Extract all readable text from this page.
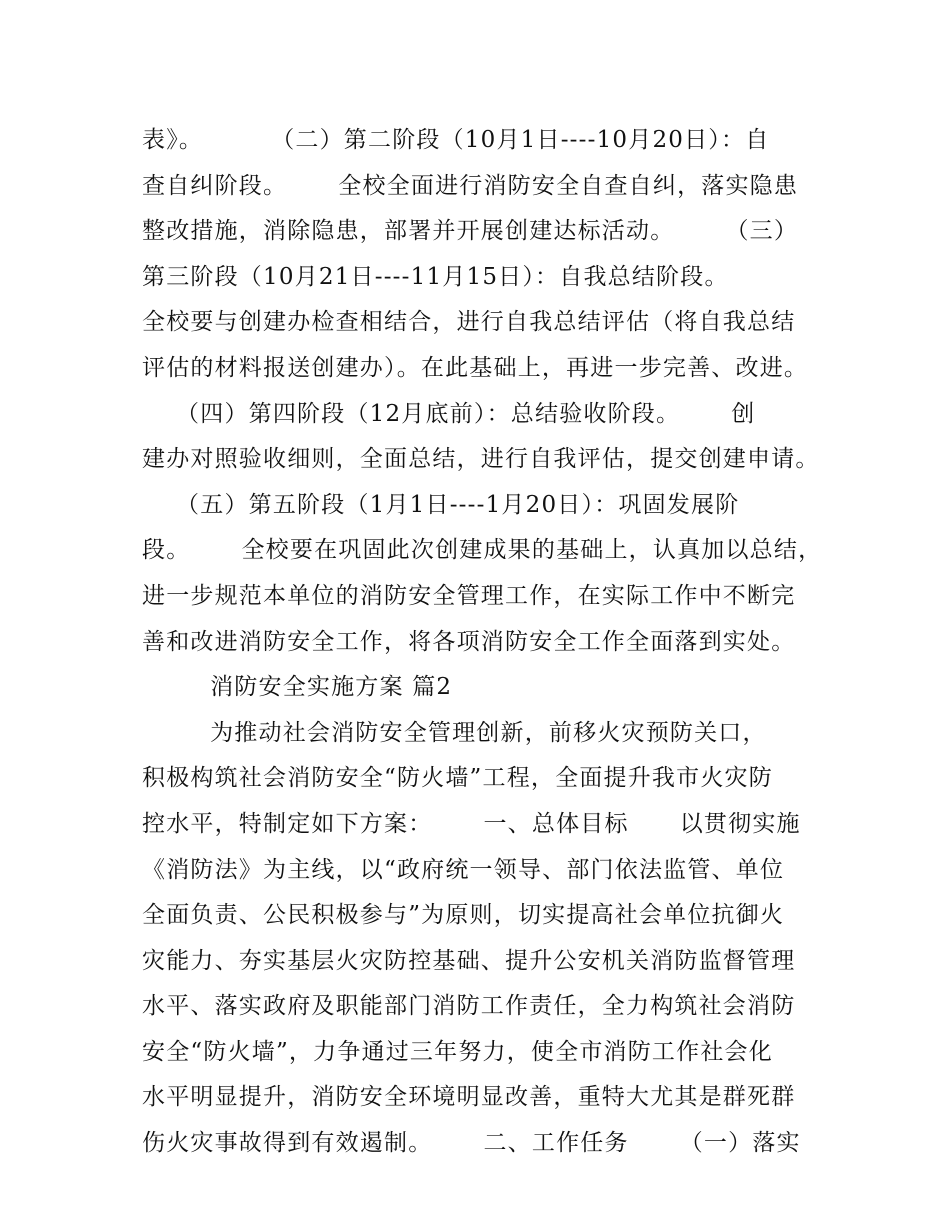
表》。        （二）第二阶段（10月1日----10月20日）：自
查自纠阶段。      全校全面进行消防安全自查自纠，落实隐患
整改措施，消除隐患，部署并开展创建达标活动。      （三）
第三阶段（10月21日----11月15日）：自我总结阶段。
全校要与创建办检查相结合，进行自我总结评估（将自我总结
评估的材料报送创建办）。在此基础上，再进一步完善、改进。
（四）第四阶段（12月底前）：总结验收阶段。      创
建办对照验收细则，全面总结，进行自我评估，提交创建申请。
（五）第五阶段（1月1日----1月20日）：巩固发展阶
段。      全校要在巩固此次创建成果的基础上，认真加以总结，
进一步规范本单位的消防安全管理工作，在实际工作中不断完
善和改进消防安全工作，将各项消防安全工作全面落到实处。
消防安全实施方案 篇2
为推动社会消防安全管理创新，前移火灾预防关口，
积极构筑社会消防安全“防火墙”工程，全面提升我市火灾防
控水平，特制定如下方案：      一、总体目标      以贯彻实施
《消防法》为主线，以“政府统一领导、部门依法监管、单位
全面负责、公民积极参与”为原则，切实提高社会单位抗御火
灾能力、夯实基层火灾防控基础、提升公安机关消防监督管理
水平、落实政府及职能部门消防工作责任，全力构筑社会消防
安全“防火墙”，力争通过三年努力，使全市消防工作社会化
水平明显提升，消防安全环境明显改善，重特大尤其是群死群
伤火灾事故得到有效遏制。      二、工作任务      （一）落实
